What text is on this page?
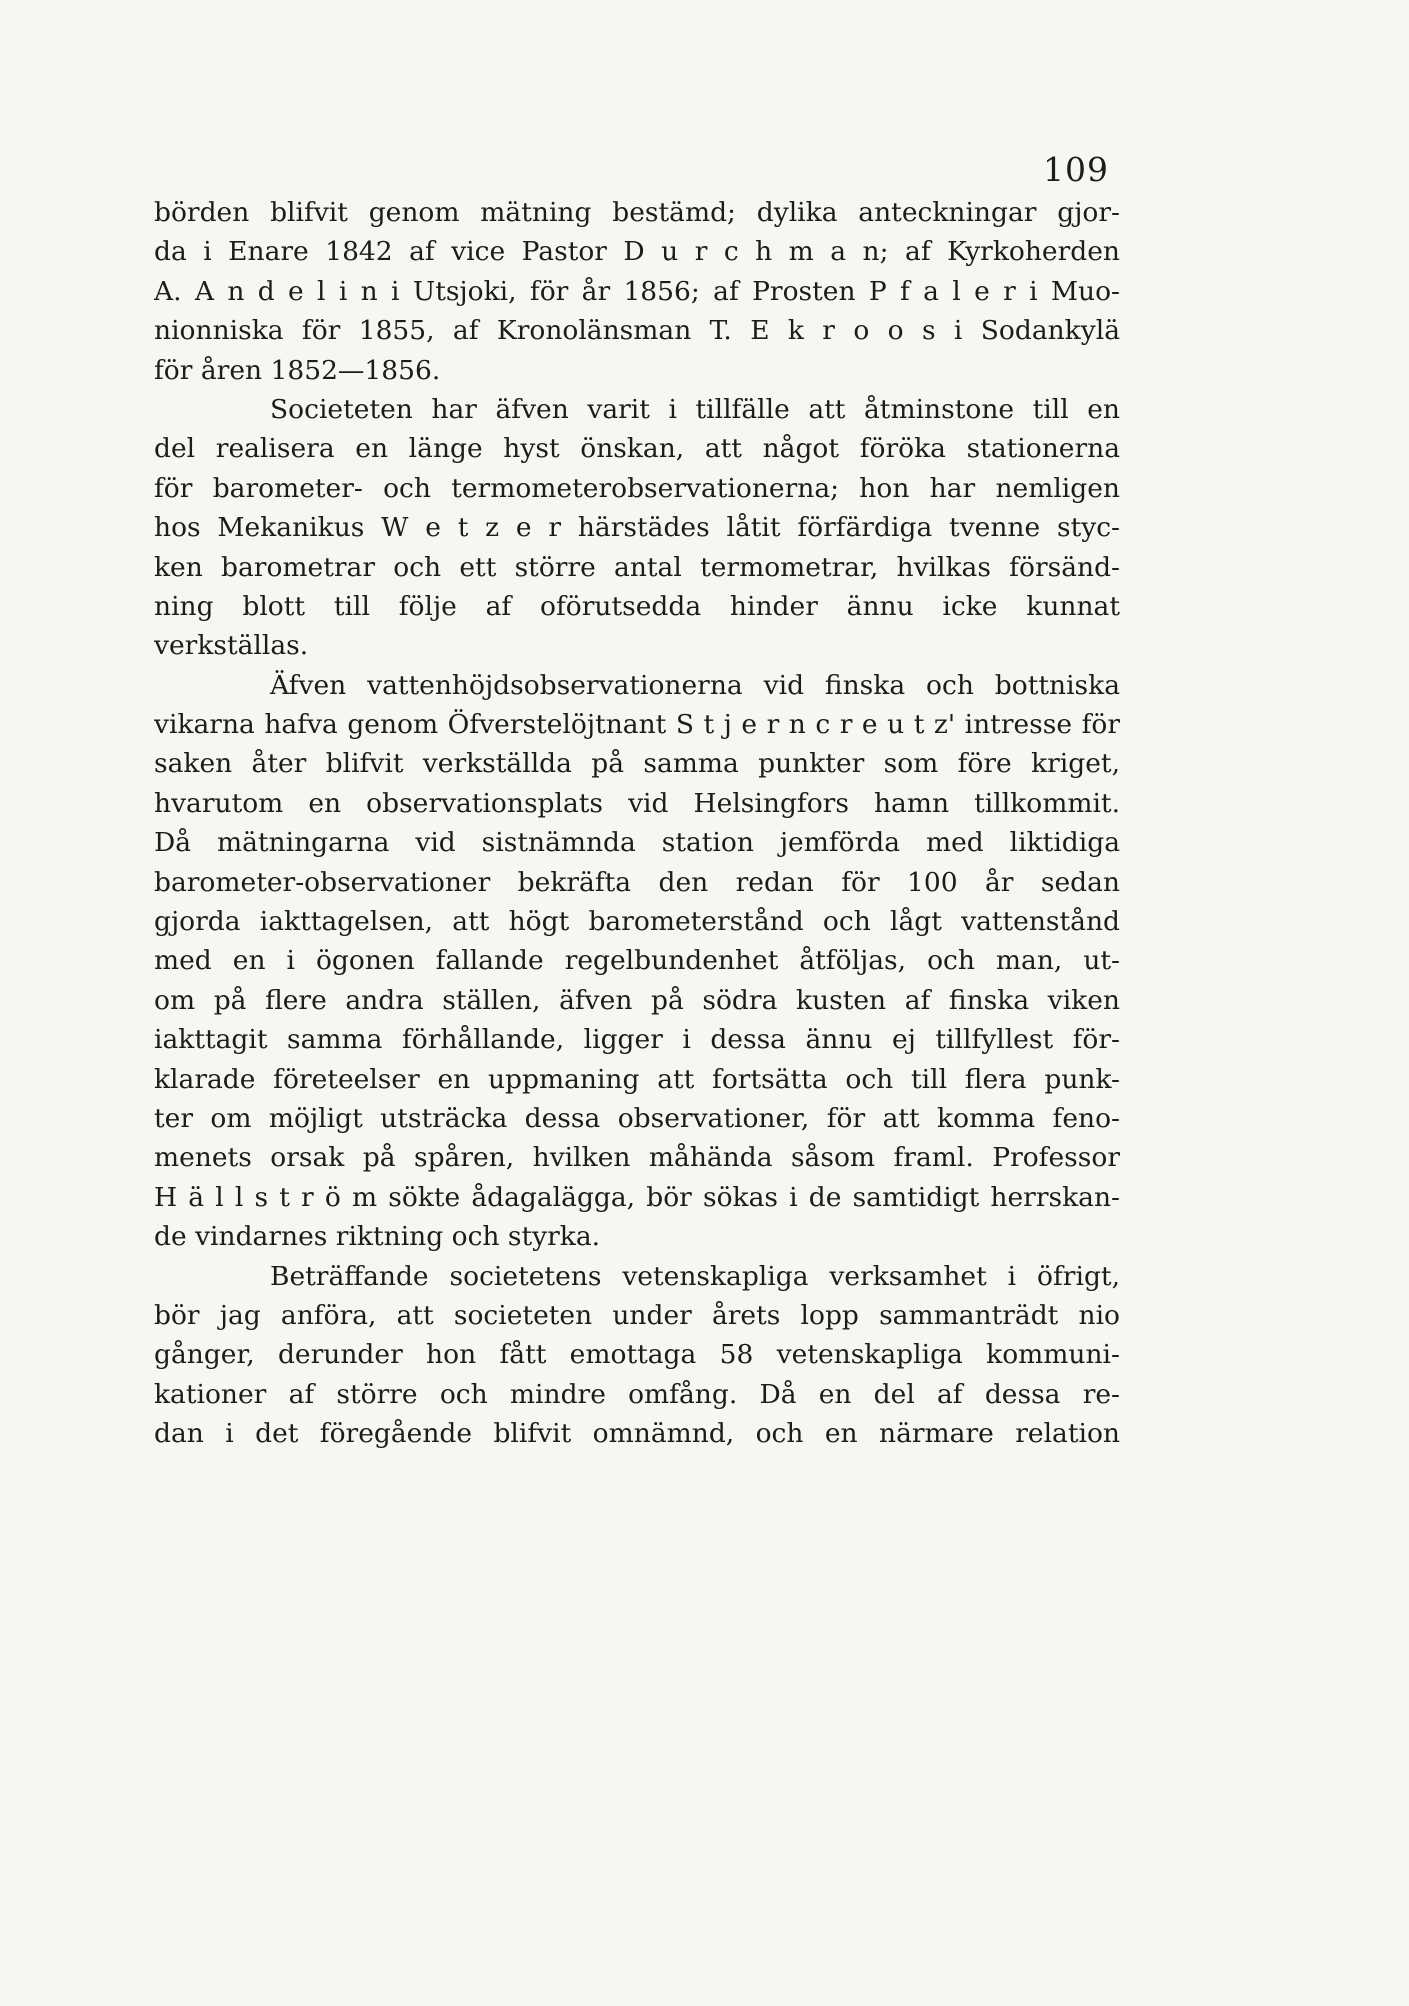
109
börden blifvit genom mätning bestämd; dylika anteckningar gjor-
da i Enare 1842 af vice Pastor D u r c h m a n; af Kyrkoherden
A. A n d e l i n i Utsjoki, för år 1856; af Prosten P f a l e r i Muo-
nionniska för 1855, af Kronolänsman T. E k r o o s i Sodankylä
för åren 1852—1856.
Societeten har äfven varit i tillfälle att åtminstone till en
del realisera en länge hyst önskan, att något föröka stationerna
för barometer- och termometerobservationerna; hon har nemligen
hos Mekanikus W e t z e r härstädes låtit förfärdiga tvenne styc-
ken barometrar och ett större antal termometrar, hvilkas försänd-
ning blott till följe af oförutsedda hinder ännu icke kunnat
verkställas.
Äfven vattenhöjdsobservationerna vid finska och bottniska
vikarna hafva genom Öfverstelöjtnant S t j e r n c r e u t z' intresse för
saken åter blifvit verkställda på samma punkter som före kriget,
hvarutom en observationsplats vid Helsingfors hamn tillkommit.
Då mätningarna vid sistnämnda station jemförda med liktidiga
barometer-observationer bekräfta den redan för 100 år sedan
gjorda iakttagelsen, att högt barometerstånd och lågt vattenstånd
med en i ögonen fallande regelbundenhet åtföljas, och man, ut-
om på flere andra ställen, äfven på södra kusten af finska viken
iakttagit samma förhållande, ligger i dessa ännu ej tillfyllest för-
klarade företeelser en uppmaning att fortsätta och till flera punk-
ter om möjligt utsträcka dessa observationer, för att komma feno-
menets orsak på spåren, hvilken måhända såsom framl. Professor
H ä l l s t r ö m sökte ådagalägga, bör sökas i de samtidigt herrskan-
de vindarnes riktning och styrka.
Beträffande societetens vetenskapliga verksamhet i öfrigt,
bör jag anföra, att societeten under årets lopp sammanträdt nio
gånger, derunder hon fått emottaga 58 vetenskapliga kommuni-
kationer af större och mindre omfång. Då en del af dessa re-
dan i det föregående blifvit omnämnd, och en närmare relation
